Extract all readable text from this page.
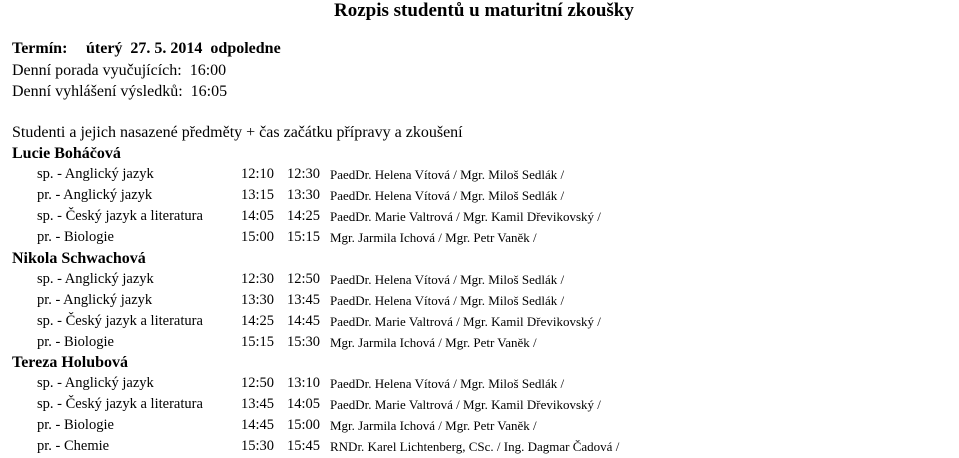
Rozpis studentů u maturitní zkoušky
Termín: úterý  27. 5. 2014  odpoledne
Denní porada vyučujících:  16:00
Denní vyhlášení výsledků:  16:05
Studenti a jejich nasazené předměty + čas začátku přípravy a zkoušení
Lucie Boháčová
sp. - Anglický jazyk	12:10 12:30 PaedDr. Helena Vítová / Mgr. Miloš Sedlák /
pr. - Anglický jazyk	13:15 13:30 PaedDr. Helena Vítová / Mgr. Miloš Sedlák /
sp. - Český jazyk a literatura	14:05 14:25 PaedDr. Marie Valtrová / Mgr. Kamil Dřevikovský /
pr. - Biologie	15:00 15:15 Mgr. Jarmila Ichová / Mgr. Petr Vaněk /
Nikola Schwachová
sp. - Anglický jazyk	12:30 12:50 PaedDr. Helena Vítová / Mgr. Miloš Sedlák /
pr. - Anglický jazyk	13:30 13:45 PaedDr. Helena Vítová / Mgr. Miloš Sedlák /
sp. - Český jazyk a literatura	14:25 14:45 PaedDr. Marie Valtrová / Mgr. Kamil Dřevikovský /
pr. - Biologie	15:15 15:30 Mgr. Jarmila Ichová / Mgr. Petr Vaněk /
Tereza Holubová
sp. - Anglický jazyk	12:50 13:10 PaedDr. Helena Vítová / Mgr. Miloš Sedlák /
sp. - Český jazyk a literatura	13:45 14:05 PaedDr. Marie Valtrová / Mgr. Kamil Dřevikovský /
pr. - Biologie	14:45 15:00 Mgr. Jarmila Ichová / Mgr. Petr Vaněk /
pr. - Chemie	15:30 15:45 RNDr. Karel Lichtenberg, CSc. / Ing. Dagmar Čadová /
